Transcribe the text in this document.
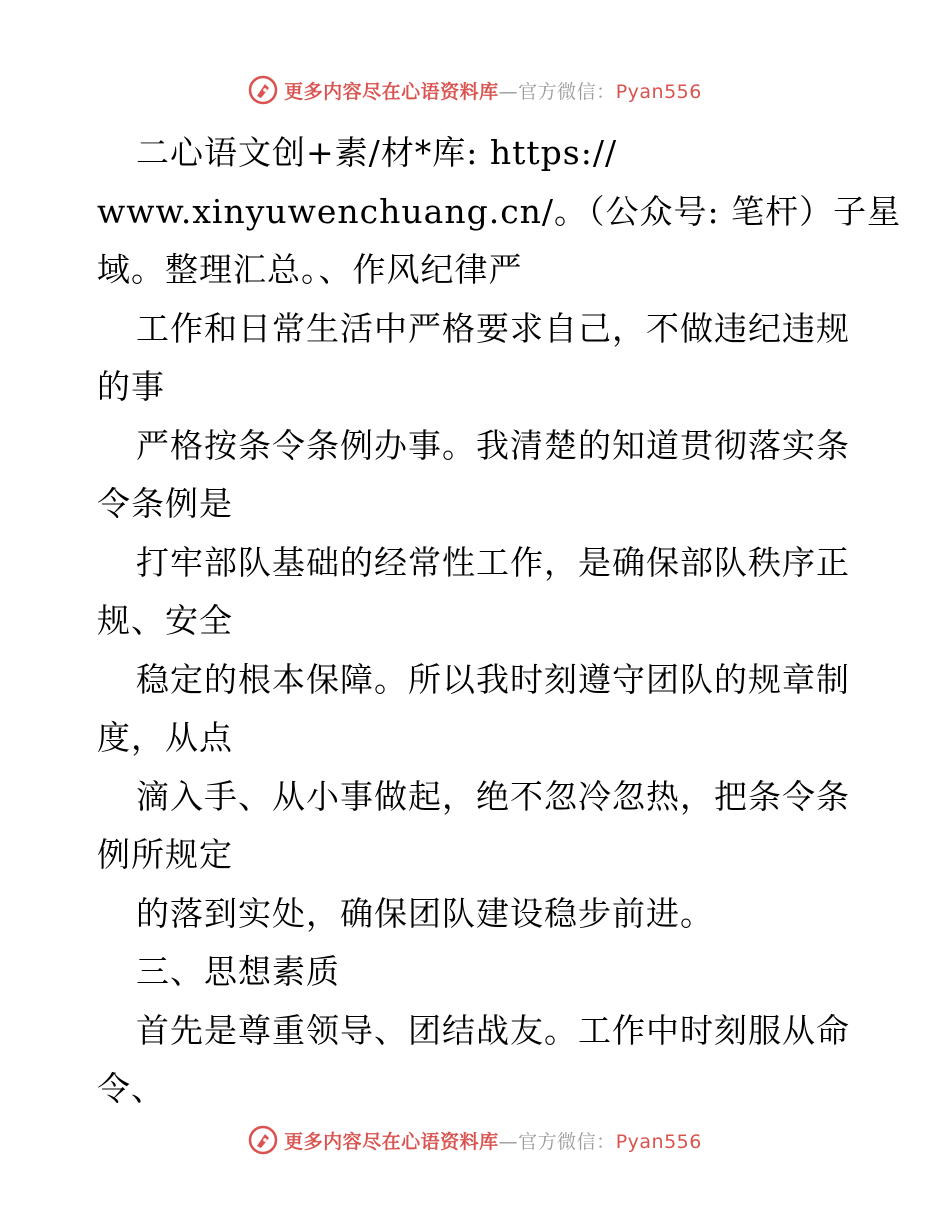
更多内容尽在心语资料库—官方微信：Pyan556
二心语文创+素/材*库: https://
www.xinyuwenchuang.cn/。（公众号: 笔杆）子星
域。整理汇总。、作风纪律严
工作和日常生活中严格要求自己，不做违纪违规
的事
严格按条令条例办事。我清楚的知道贯彻落实条
令条例是
打牢部队基础的经常性工作，是确保部队秩序正
规、安全
稳定的根本保障。所以我时刻遵守团队的规章制
度，从点
滴入手、从小事做起，绝不忽冷忽热，把条令条
例所规定
的落到实处，确保团队建设稳步前进。
三、思想素质
首先是尊重领导、团结战友。工作中时刻服从命
令、
更多内容尽在心语资料库—官方微信：Pyan556
